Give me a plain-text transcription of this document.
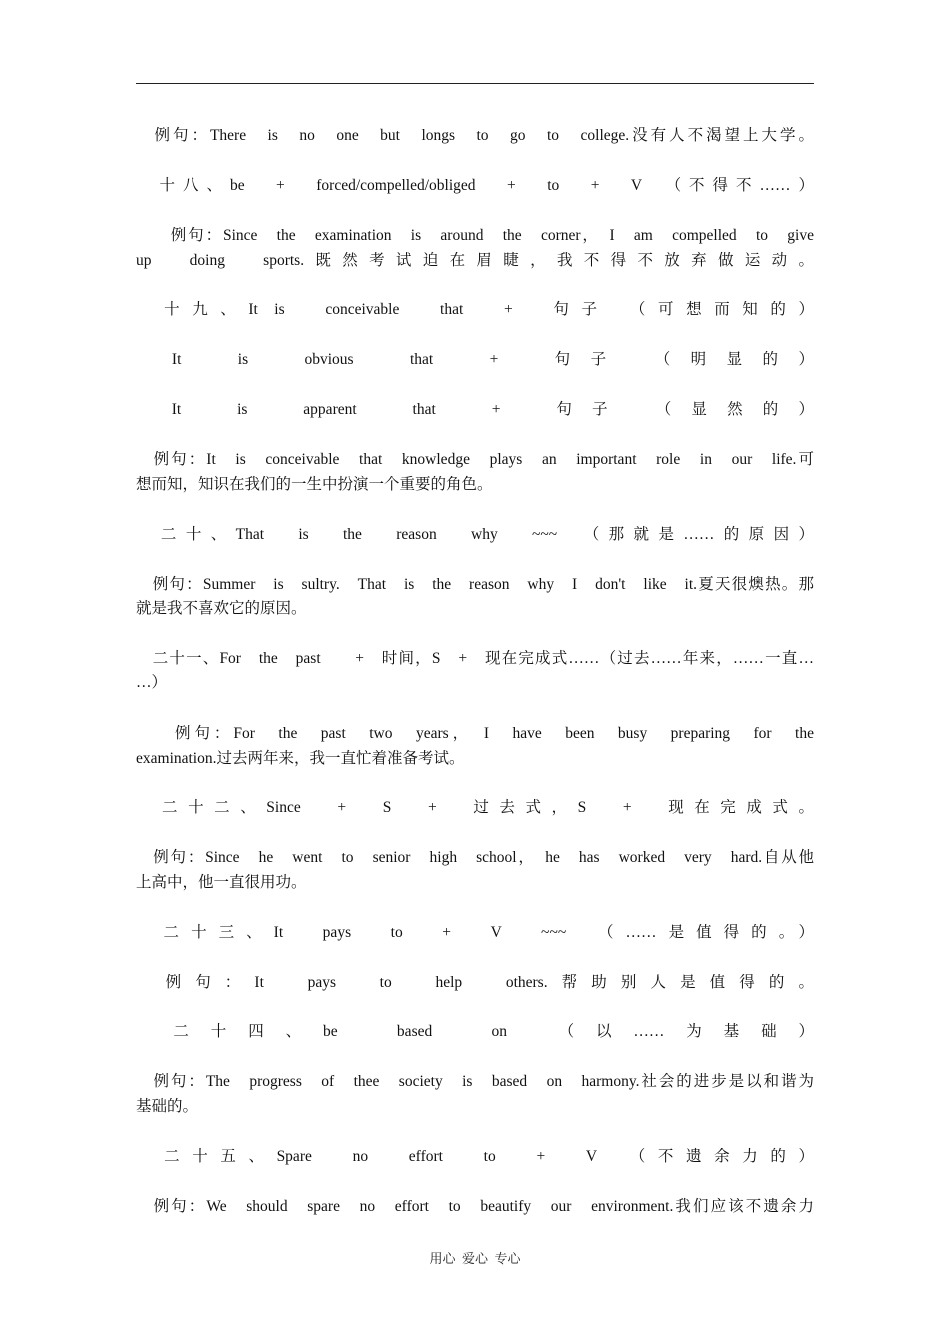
　例句：There　is　no　one　but　longs　to　go　to　college.没有人不渴望上大学。
　十八、be　+　forced/compelled/obliged　+　to　+　V　（不得不……）
　　例句：Since　the　examination　is　around　the　corner，　I　am　compelled　to　give
up　doing　sports.既然考试迫在眉睫，我不得不放弃做运动。
　十九、It is　conceivable　that　+　句子　（可想而知的）
　It　is　obvious　that　+　句子　（明显的）
　It　is　apparent　that　+　句子　（显然的）
　例句：It　is　conceivable　that　knowledge　plays　an　important　role　in　our　life.可
想而知，知识在我们的一生中扮演一个重要的角色。
　二十、That　is　the　reason　why　~~~　（那就是……的原因）
　例句：Summer　is　sultry.　That　is　the　reason　why　I　don't　like　it.夏天很燠热。那
就是我不喜欢它的原因。
　二十一、For　the　past　　+　时间，S　+　现在完成式……（过去……年来，……一直…
…）
　　例句：For　the　past　two　years，　I　have　been　busy　preparing　for　the
examination.过去两年来，我一直忙着准备考试。
　二十二、Since　+　S　+　过去式，S　+　现在完成式。
　例句：Since　he　went　to　senior　high　school，　he　has　worked　very　hard.自从他
上高中，他一直很用功。
　二十三、It　pays　to　+　V　~~~　（……是值得的。）
　例句：It　pays　to　help　others.帮助别人是值得的。
　二十四、be　based　on　（以……为基础）
　例句：The　progress　of　thee　society　is　based　on　harmony.社会的进步是以和谐为
基础的。
　二十五、Spare　no　effort　to　+　V　（不遗余力的）
　例句：We　should　spare　no　effort　to　beautify　our　environment.我们应该不遗余力
用心  爱心  专心
